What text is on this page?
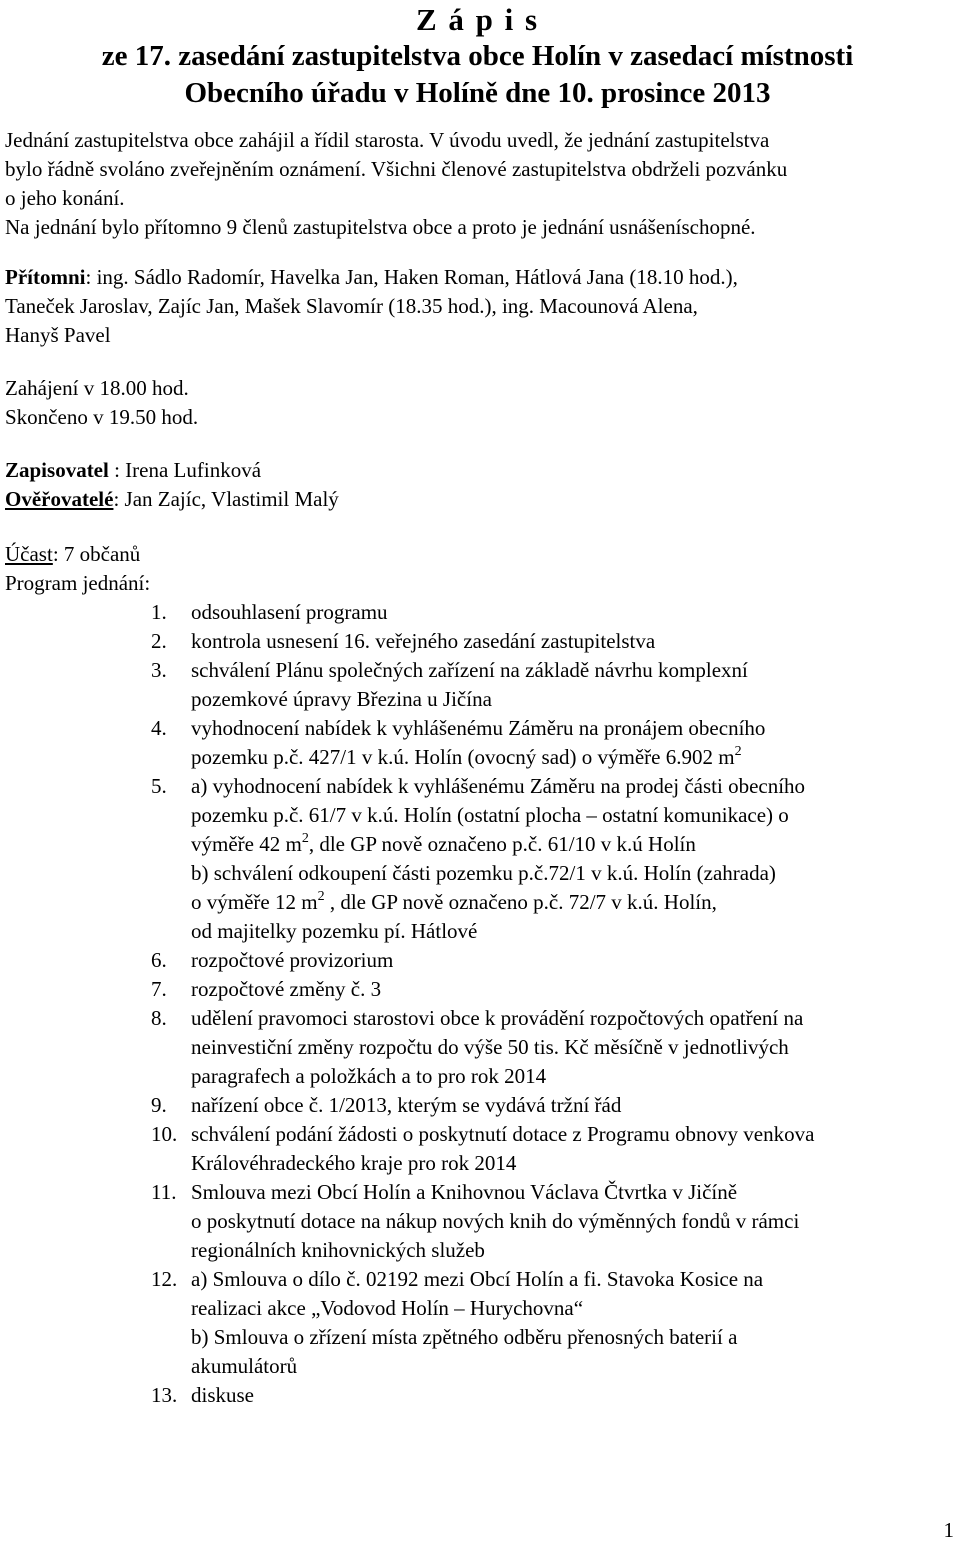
Z á p i s
ze 17. zasedání zastupitelstva obce Holín v zasedací místnosti
Obecního úřadu v Holíně dne 10. prosince 2013
Jednání zastupitelstva obce zahájil a řídil starosta. V úvodu uvedl, že jednání zastupitelstva
bylo řádně svoláno zveřejněním oznámení. Všichni členové zastupitelstva obdrželi pozvánku
o jeho konání.
Na jednání bylo přítomno 9 členů zastupitelstva obce a proto je jednání usnášeníschopné.
Přítomni: ing. Sádlo Radomír, Havelka Jan, Haken Roman, Hátlová Jana (18.10 hod.),
Taneček Jaroslav, Zajíc Jan, Mašek Slavomír (18.35 hod.), ing. Macounová Alena,
Hanyš Pavel
Zahájení v 18.00 hod.
Skončeno v 19.50 hod.
Zapisovatel : Irena Lufinková
Ověřovatelé: Jan Zajíc, Vlastimil Malý
Účast: 7 občanů
Program jednání:
1. odsouhlasení programu
2. kontrola usnesení 16. veřejného zasedání zastupitelstva
3. schválení Plánu společných zařízení na základě návrhu komplexní
pozemkové úpravy Březina u Jičína
4. vyhodnocení nabídek k vyhlášenému Záměru na pronájem obecního
pozemku p.č. 427/1 v k.ú. Holín (ovocný sad) o výměře 6.902 $m^2$
5. a) vyhodnocení nabídek k vyhlášenému Záměru na prodej části obecního
pozemku p.č. 61/7 v k.ú. Holín (ostatní plocha – ostatní komunikace) o
výměře 42 $m^2$, dle GP nově označeno p.č. 61/10 v k.ú Holín
b) schválení odkoupení části pozemku p.č.72/1 v k.ú. Holín (zahrada)
o výměře 12 $m^2$ , dle GP nově označeno p.č. 72/7 v k.ú. Holín,
od majitelky pozemku pí. Hátlové
6. rozpočtové provizorium
7. rozpočtové změny č. 3
8. udělení pravomoci starostovi obce k provádění rozpočtových opatření na
neinvestiční změny rozpočtu do výše 50 tis. Kč měsíčně v jednotlivých
paragrafech a položkách a to pro rok 2014
9. nařízení obce č. 1/2013, kterým se vydává tržní řád
10. schválení podání žádosti o poskytnutí dotace z Programu obnovy venkova
Královéhradeckého kraje pro rok 2014
11. Smlouva mezi Obcí Holín a Knihovnou Václava Čtvrtka v Jičíně
o poskytnutí dotace na nákup nových knih do výměnných fondů v rámci
regionálních knihovnických služeb
12. a) Smlouva o dílo č. 02192 mezi Obcí Holín a fi. Stavoka Kosice na
realizaci akce „Vodovod Holín – Hurychovna“
b) Smlouva o zřízení místa zpětného odběru přenosných baterií a
akumulátorů
13. diskuse
1
